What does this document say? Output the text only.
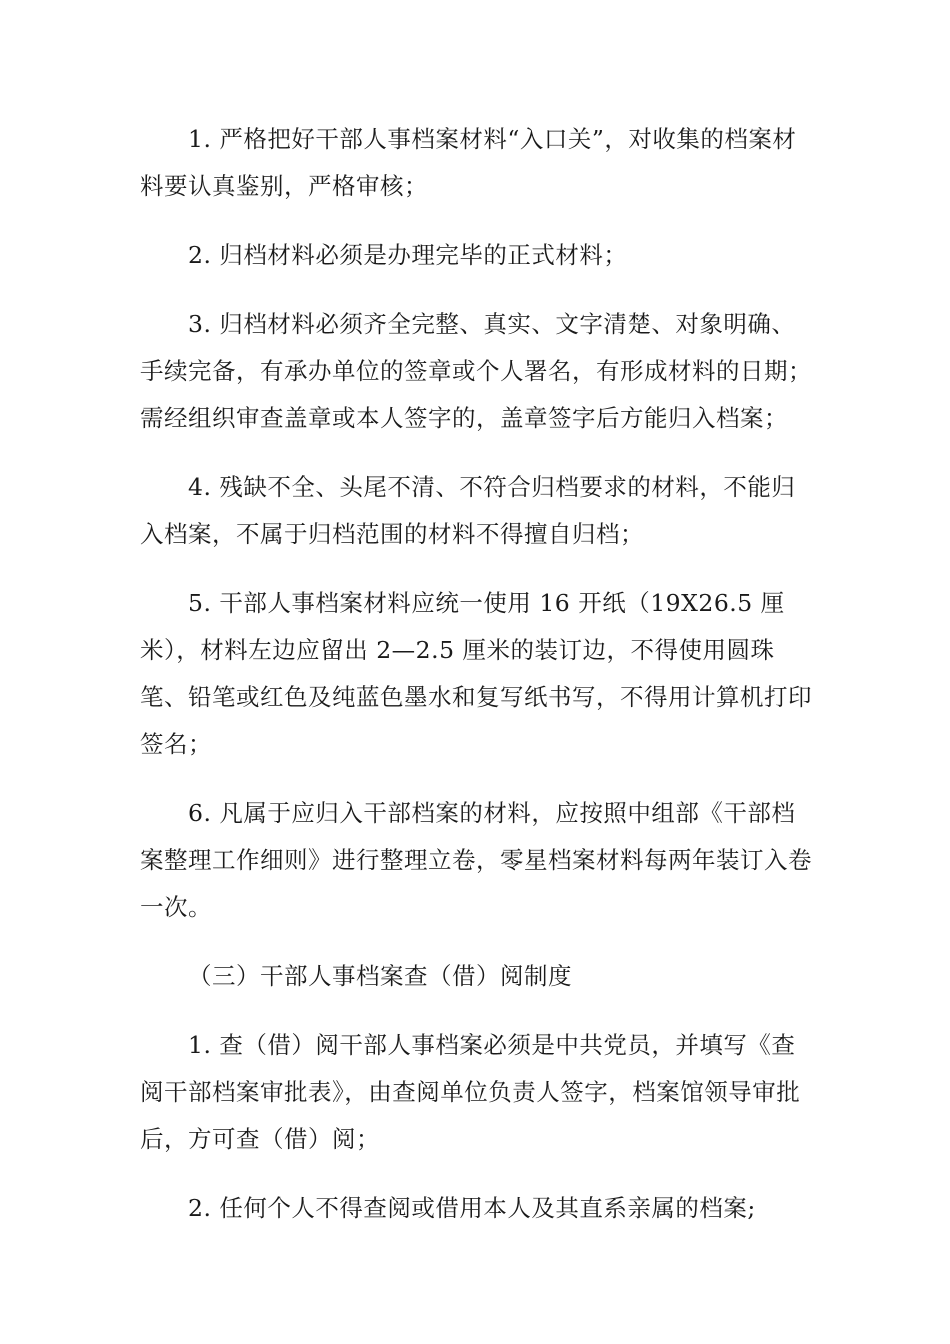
1. 严格把好干部人事档案材料“入口关”，对收集的档案材料要认真鉴别，严格审核；

2. 归档材料必须是办理完毕的正式材料；

3. 归档材料必须齐全完整、真实、文字清楚、对象明确、手续完备，有承办单位的签章或个人署名，有形成材料的日期；需经组织审查盖章或本人签字的，盖章签字后方能归入档案；

4. 残缺不全、头尾不清、不符合归档要求的材料，不能归入档案，不属于归档范围的材料不得擅自归档；

5. 干部人事档案材料应统一使用 16 开纸（19X26.5 厘米），材料左边应留出 2—2.5 厘米的装订边，不得使用圆珠笔、铅笔或红色及纯蓝色墨水和复写纸书写，不得用计算机打印签名；

6. 凡属于应归入干部档案的材料，应按照中组部《干部档案整理工作细则》进行整理立卷，零星档案材料每两年装订入卷一次。

（三）干部人事档案查（借）阅制度

1. 查（借）阅干部人事档案必须是中共党员，并填写《查阅干部档案审批表》，由查阅单位负责人签字，档案馆领导审批后，方可查（借）阅；

2. 任何个人不得查阅或借用本人及其直系亲属的档案;
